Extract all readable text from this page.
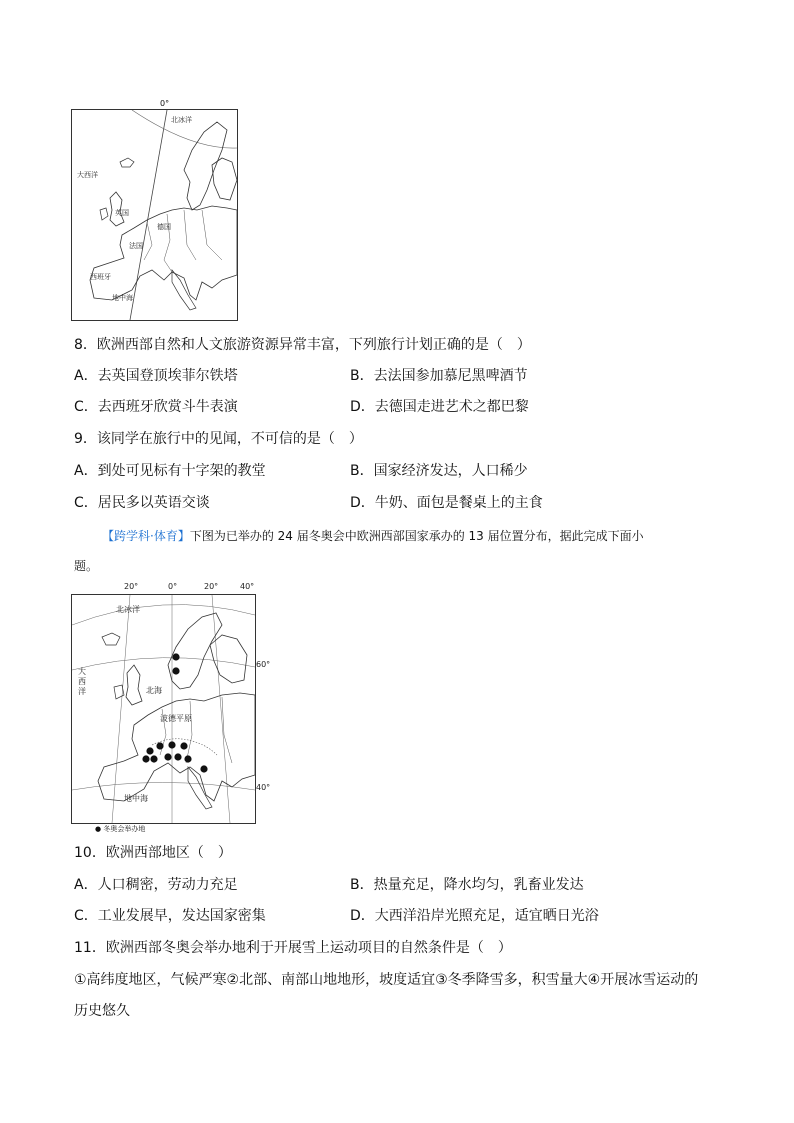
0°
北冰洋
大西洋
英国
德国
法国
西班牙
地中海
8．欧洲西部自然和人文旅游资源异常丰富，下列旅行计划正确的是（　）
A．去英国登顶埃菲尔铁塔	B．去法国参加慕尼黑啤酒节
C．去西班牙欣赏斗牛表演	D．去德国走进艺术之都巴黎
9．该同学在旅行中的见闻，不可信的是（　）
A．到处可见标有十字架的教堂	B．国家经济发达，人口稀少
C．居民多以英语交谈	D．牛奶、面包是餐桌上的主食
【跨学科·体育】下图为已举办的 24 届冬奥会中欧洲西部国家承办的 13 届位置分布，据此完成下面小
题。
20°	0°	20°	40°
60°
40°
北冰洋
大西洋	北海
波德平原
地中海
● 冬奥会举办地
10．欧洲西部地区（　）
A．人口稠密，劳动力充足	B．热量充足，降水均匀，乳畜业发达
C．工业发展早，发达国家密集	D．大西洋沿岸光照充足，适宜晒日光浴
11．欧洲西部冬奥会举办地利于开展雪上运动项目的自然条件是（　）
①高纬度地区，气候严寒②北部、南部山地地形，坡度适宜③冬季降雪多，积雪量大④开展冰雪运动的
历史悠久
